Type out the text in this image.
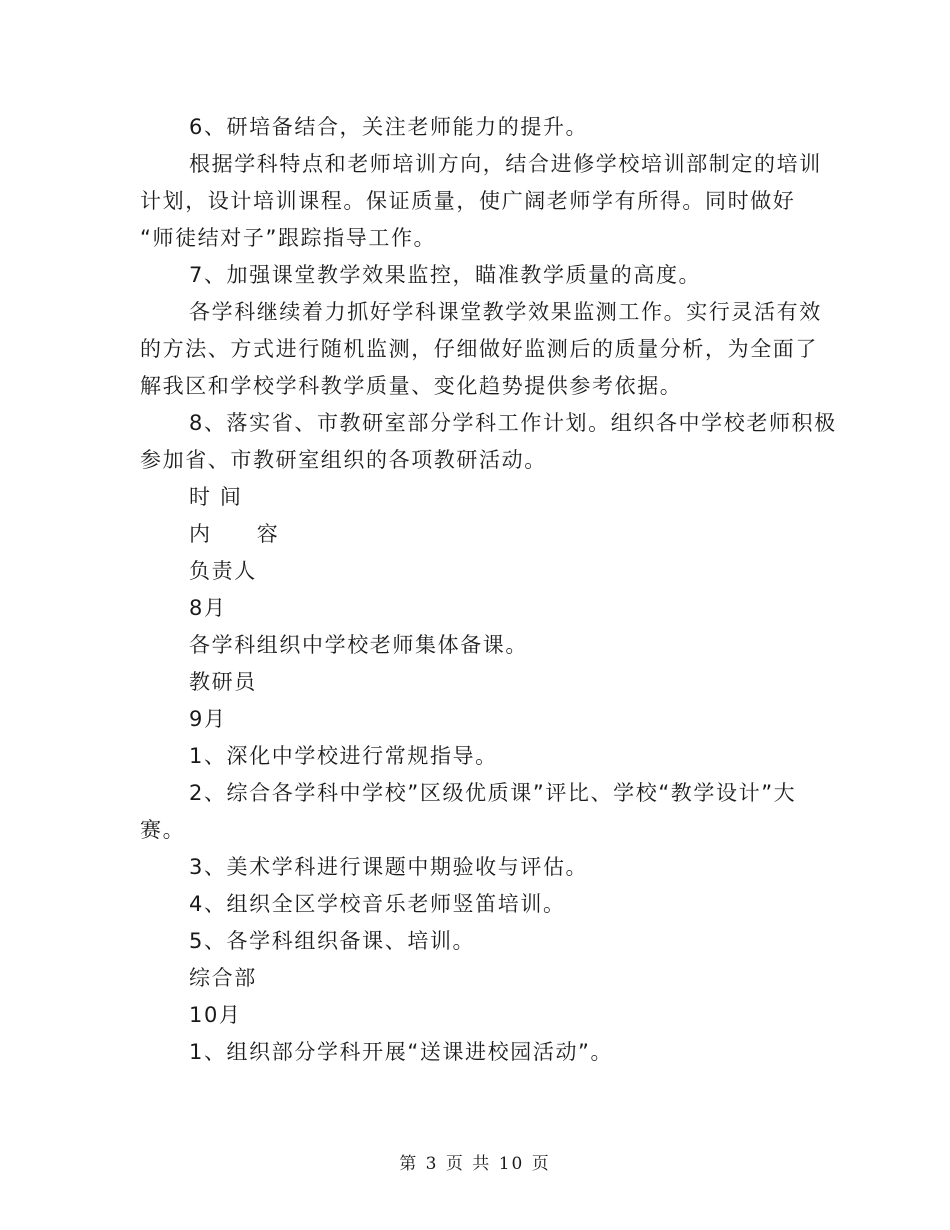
6、研培备结合，关注老师能力的提升。
根据学科特点和老师培训方向，结合进修学校培训部制定的培训
计划，设计培训课程。保证质量，使广阔老师学有所得。同时做好
“师徒结对子”跟踪指导工作。
7、加强课堂教学效果监控，瞄准教学质量的高度。
各学科继续着力抓好学科课堂教学效果监测工作。实行灵活有效
的方法、方式进行随机监测，仔细做好监测后的质量分析，为全面了
解我区和学校学科教学质量、变化趋势提供参考依据。
8、落实省、市教研室部分学科工作计划。组织各中学校老师积极
参加省、市教研室组织的各项教研活动。
时 间
内　　容
负责人
8月
各学科组织中学校老师集体备课。
教研员
9月
1、深化中学校进行常规指导。
2、综合各学科中学校”区级优质课”评比、学校“教学设计”大
赛。
3、美术学科进行课题中期验收与评估。
4、组织全区学校音乐老师竖笛培训。
5、各学科组织备课、培训。
综合部
10月
1、组织部分学科开展“送课进校园活动”。
第 3 页 共 10 页
